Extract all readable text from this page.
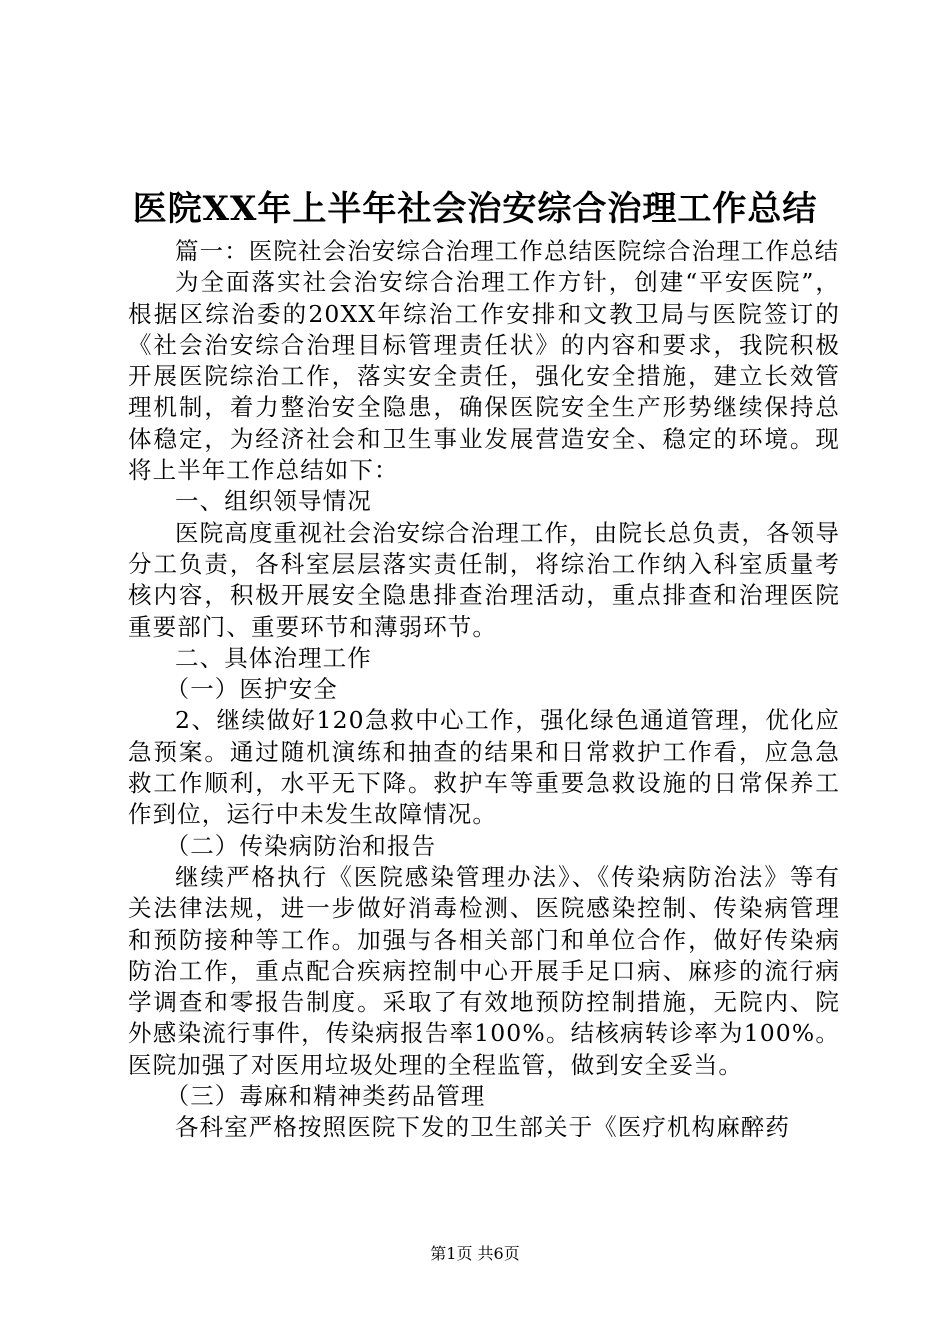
医院XX年上半年社会治安综合治理工作总结

篇一：医院社会治安综合治理工作总结医院综合治理工作总结

为全面落实社会治安综合治理工作方针，创建“平安医院”，根据区综治委的20XX年综治工作安排和文教卫局与医院签订的《社会治安综合治理目标管理责任状》的内容和要求，我院积极开展医院综治工作，落实安全责任，强化安全措施，建立长效管理机制，着力整治安全隐患，确保医院安全生产形势继续保持总体稳定，为经济社会和卫生事业发展营造安全、稳定的环境。现将上半年工作总结如下：

一、组织领导情况

医院高度重视社会治安综合治理工作，由院长总负责，各领导分工负责，各科室层层落实责任制，将综治工作纳入科室质量考核内容，积极开展安全隐患排查治理活动，重点排查和治理医院重要部门、重要环节和薄弱环节。

二、具体治理工作

（一）医护安全

2、继续做好120急救中心工作，强化绿色通道管理，优化应急预案。通过随机演练和抽查的结果和日常救护工作看，应急急救工作顺利，水平无下降。救护车等重要急救设施的日常保养工作到位，运行中未发生故障情况。

（二）传染病防治和报告

继续严格执行《医院感染管理办法》、《传染病防治法》等有关法律法规，进一步做好消毒检测、医院感染控制、传染病管理和预防接种等工作。加强与各相关部门和单位合作，做好传染病防治工作，重点配合疾病控制中心开展手足口病、麻疹的流行病学调查和零报告制度。采取了有效地预防控制措施，无院内、院外感染流行事件，传染病报告率100%。结核病转诊率为100%。医院加强了对医用垃圾处理的全程监管，做到安全妥当。

（三）毒麻和精神类药品管理

各科室严格按照医院下发的卫生部关于《医疗机构麻醉药

第1页 共6页
